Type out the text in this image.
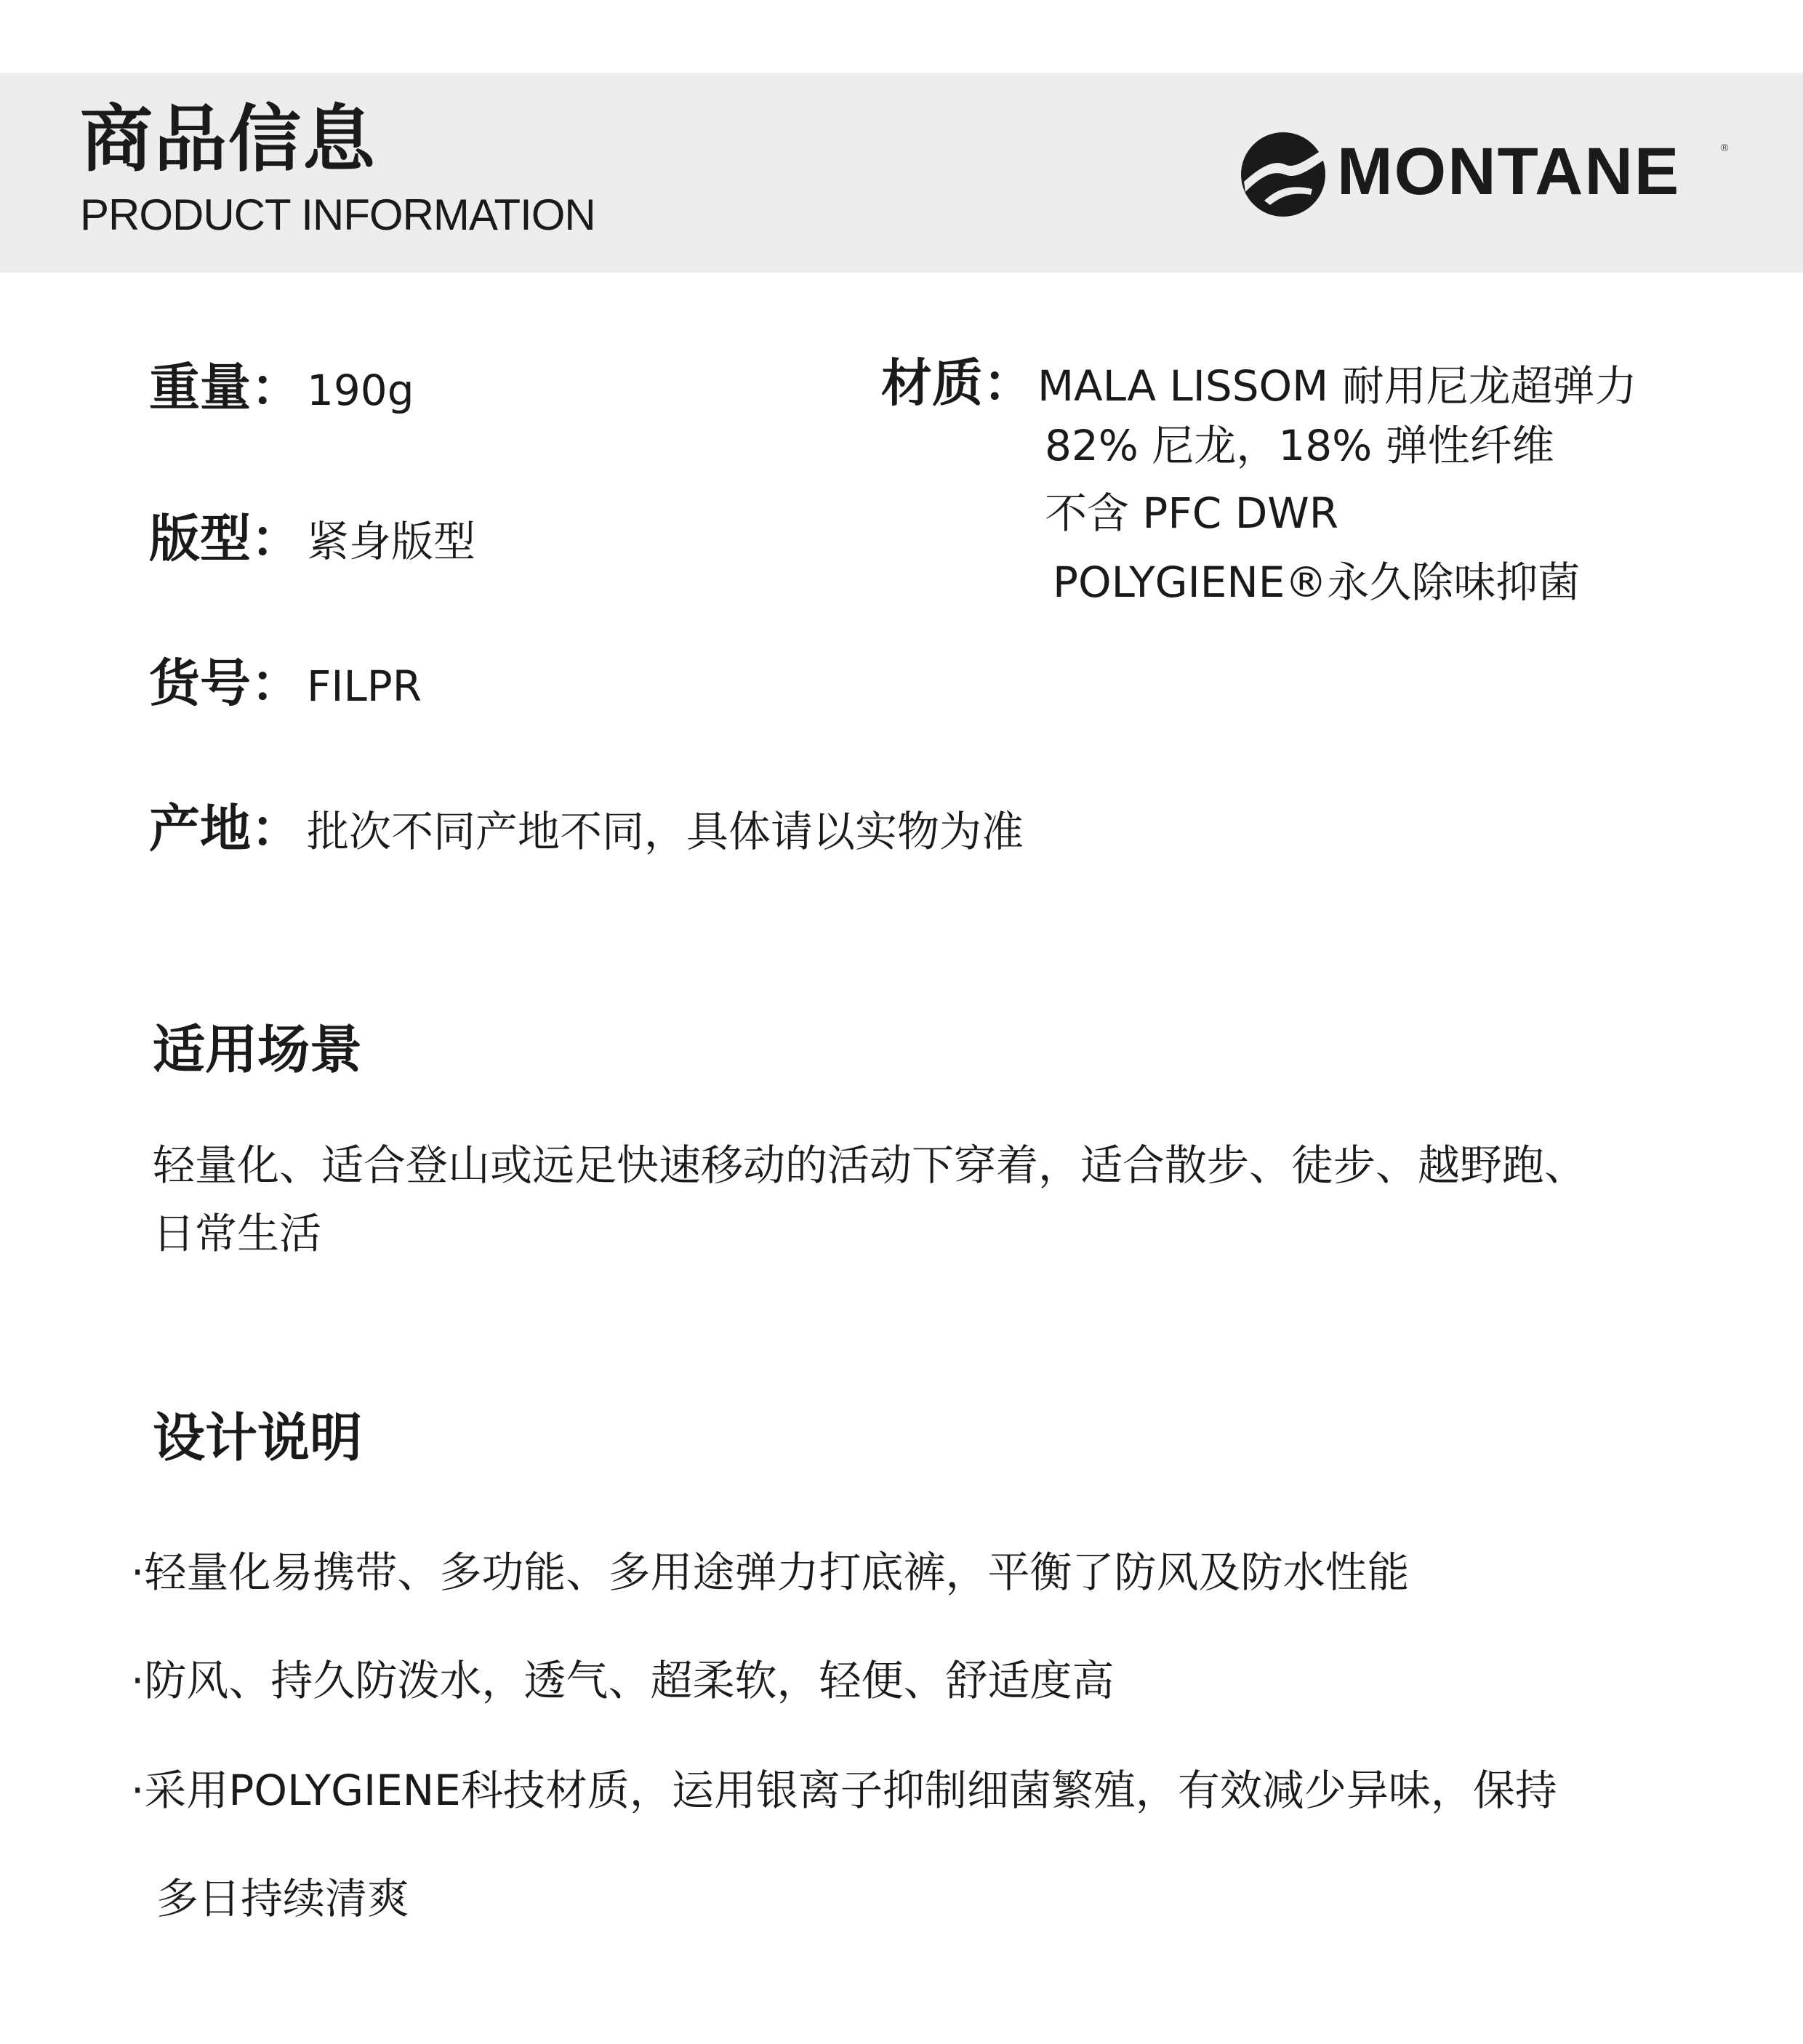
商品信息
PRODUCT INFORMATION
MONTANE	®
重量： 190g
版型： 紧身版型
货号： FILPR
产地： 批次不同产地不同，具体请以实物为准
材质： MALA LISSOM 耐用尼龙超弹力
82% 尼龙，18% 弹性纤维
不含 PFC DWR
POLYGIENE®永久除味抑菌
适用场景
轻量化、适合登山或远足快速移动的活动下穿着，适合散步、徒步、越野跑、
日常生活
设计说明
·轻量化易携带、多功能、多用途弹力打底裤，平衡了防风及防水性能
·防风、持久防泼水，透气、超柔软，轻便、舒适度高
·采用POLYGIENE科技材质，运用银离子抑制细菌繁殖，有效减少异味，保持
多日持续清爽
